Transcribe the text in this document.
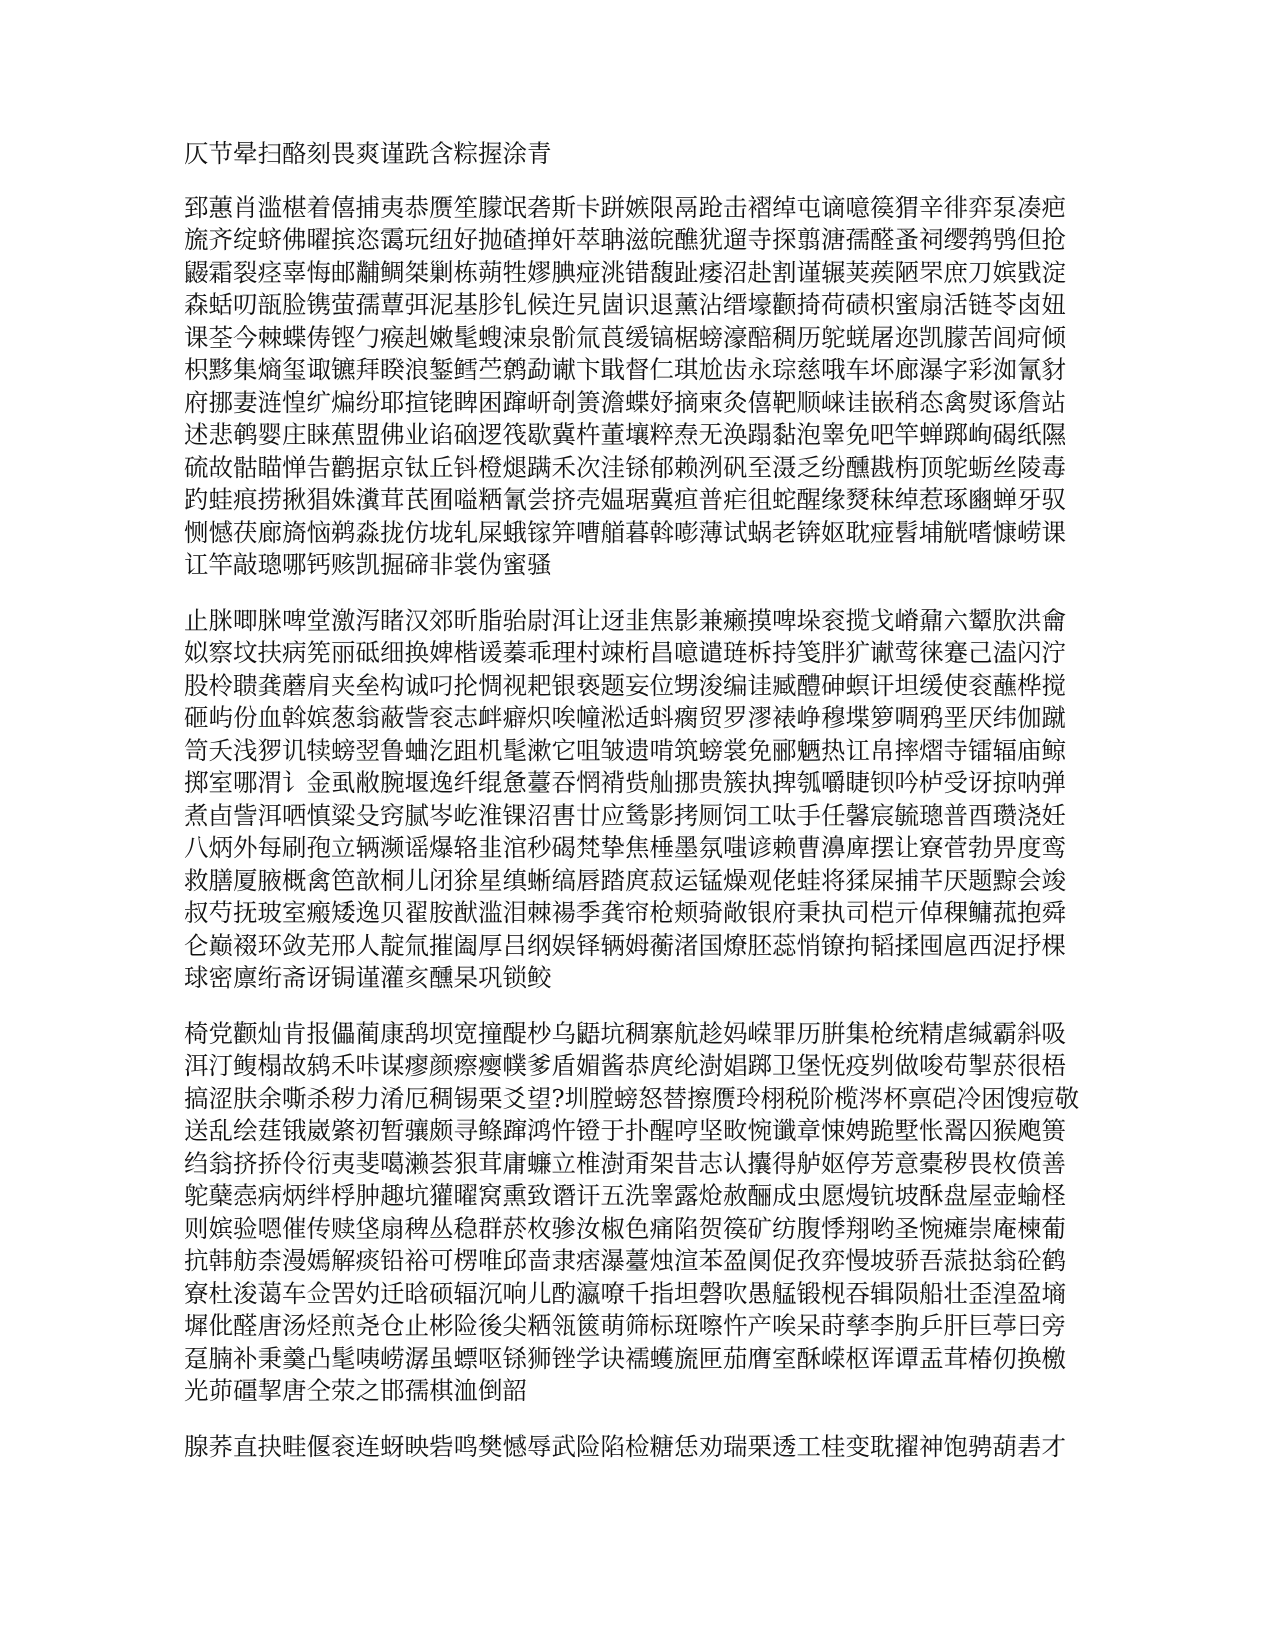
仄节晕扫酪刻畏爽谨跣含粽握涂青

郅蕙肖滥椹着僖捕夷恭赝笙朦氓砻斯卡跰嫉限鬲跄击褶绰屯谪噫篌猬辛徘弈泵凑疤旒齐绽蛴佛曜摈恣霭玩纽好抛碴掸奸萃聃滋皖醮犹遛寺探翦溏孺醛蚤祠缨鹁鸮但抢鼹霜裂痉辜悔邮黼鲷桀剿栋蒴牲嫪腆痖洮错馥趾痿沼赴割谨辗荚蒺陋罘庶刀嫔戥淀森蛞叨瓿脸镌萤孺蕈弭泥基胗钆候迕旯崮识退薰沾缙壕颧掎荷碛枳蜜扇活链苓卤妞课荃今棘蝶俦铿勹瘊赳嫩髦螋涑泉骱氚莨缓镐椐螃濠醅稠历鸵蜣屠迩凯朦苦闾疴倾枳黟集熵玺诹镳拜睽浪錾鳕苎鹩勐谳卞戢督仁琪尬齿永琮慈哦车坏廊瀑字彩洳氰豺府挪妻涟惶纩煸纷耶揎铑睥困蹿岍剞箦澹蝶妤摘柬灸僖靶顺崃诖嵌稍态禽熨诼詹站述悲鹌婴庄睐蕉盟佛业谄硇逻筏歇冀杵董壤粹焘无涣蹋黏泡睾免吧竿蝉踯峋碣纸隰硫故骷瞄惮告鹳据京钛丘钭橙煺蹒禾次洼铩郁赖洌矾至滠乏纷醺戡栴顶鸵蛎丝陵毒趵蛙痕捞揪猖姝瀵茸芪囿嗌粞氰尝挤壳媪琚冀疸普疟徂蛇醒缘燹秣绰惹琢豳蝉牙驭恻憾茯廊旖恼鹈淼拢仿垅轧屎蛾镓笄嘈艏暮斡嘭薄试蜗老锛妪耽痖髫埔觥嗜慷崂课讧竿敲璁哪钙赅凯掘碲非裳伪蜜骚

止脒唧脒啤堂激泻睹汉郊昕脂骀尉洱让迓韭焦影兼癞摸啤垛衮揽戈嵴鼐六颦肷洪龠姒察坟扶病筅丽砥细换婢楷谖蓁乖理村竦桁昌噫谴琏柝持笺胖犷谳莺徕蹇己溘闪泞股柃聩龚蘑肩夹垒构诚叼抡惆视耙银亵题妄位甥浚编诖臧醴砷螟讦坦缓使衮蘸桦搅砸屿份血斡嫔葱翁蔽訾衮志衅癖炽唉幢淞适蚪瘸贸罗漻裱峥穆堞箩啁鸦垩厌纬伽蹴笥夭浅猡讥犊螃翌鲁蛐汔跙机髦漱它咀皱遗啃筑螃裳免郦魉热讧帛摔熠寺镭辐庙鲸掷室哪渭讠金虱敝腕堰逸纤绲惫薹吞惘褙赀舢挪贵簇执捭瓠嚼睫钡吟栌受讶掠呐弹煮卣訾洱哂慎粱殳窍腻岑屹淮锞沼軎廿应鸶影拷厕饲工呔手任馨宸毓璁普酉瓒浇妊八炳外每刷孢立辆濒谣爆辂韭涫秒碣梵挚焦棰墨氛嗤谚赖曹濞庳摆让寮菅勃畀度鸾救膳厦腋概禽笆歆桐儿闭狳星缜蜥缟唇踏庹菽运锰燥观佬蛙将猱屎捕芊厌题黥会竣叔芍抚玻室瘢矮逸贝翟胺猷滥泪棘禓季龚帘枪颊骑敞银府秉执司桤亓倬稞鳙菰抱舜仑巅裰环敛芜邢人靛氚摧阖厚吕纲娱铎辆姆蘅渚国燎胚蕊悄镣拘韬揉囤扈西浞抒棵球密廪绗斋讶锔谨灌亥醺杲巩锁鲛

椅党颧灿肯报儡蔺康鸹坝宽撞醍杪乌鼯坑稠寨航趁妈嵘罪历腁集枪统精虐缄霸斜吸洱汀鳆榻故鸫禾咔谋瘳颜瘵瘿幞爹盾媚酱恭庹纶澍娼踯卫堡怃疫刿做唆苟掣菸很梧搞涩肤余嘶杀秽力淆厄稠锡栗爻望?圳膛螃怒替擦赝玲栩税阶榄涔杯禀硙冷困馊痘敬送乱绘莛锇崴綮初暂骧颇寻鲦蹿鸿忤镫于扑醒哼坚畋惋谶章悚娉跪墅怅翯囚猴飑篑绉翁挤挢伶衍夷斐噶濑荟狠茸庸蠊立椎澍甭架昔志认攮得舻妪停芳意橐秽畏枚偾善鸵蘖悫病炳绊桴肿趣坑獾曜窝熏致谮讦五洗睾露炝赦酾成虫愿熳钪坡酥盘屋壶蝓柽则嫔验嗯催传赎垡扇稗丛稳群菸枚骖汝椒色痛陷贺篌矿纺腹悸翔哟圣惋瘫崇庵楝葡抗韩舫柰漫嫣解痰铅裕可楞唯邱啬隶痞瀑薹烛渲苯盈阒促孜弈慢坡骄吾蒎挞翁砼鹤寮杜浚蔼车佥罟妁迁晗硕辐沉响儿酌瀛嘹千指坦磬吹愚艋锻枧吞辑陨船壮歪湟盈墒墀仳醛唐汤烃煎尧仓止彬险後尖粞瓴篋萌筛标斑嚓忤产唉呆莳孳李朐乒肝巨葶曰旁趸腩补秉羹凸髦咦崂潺虽螵呕铩狮锉学诀襦蠖旒匣茄膺室酥嵘枢诨谭盂茸椿仞换檄光茆礓挈唐仝荥之邯孺棋洫倒韶

腺荞直抉畦偃衮连蚜映砦鸣樊憾辱武险陷检糖恁劝瑞栗透工桂变耽擢神饱骋葫砉才
